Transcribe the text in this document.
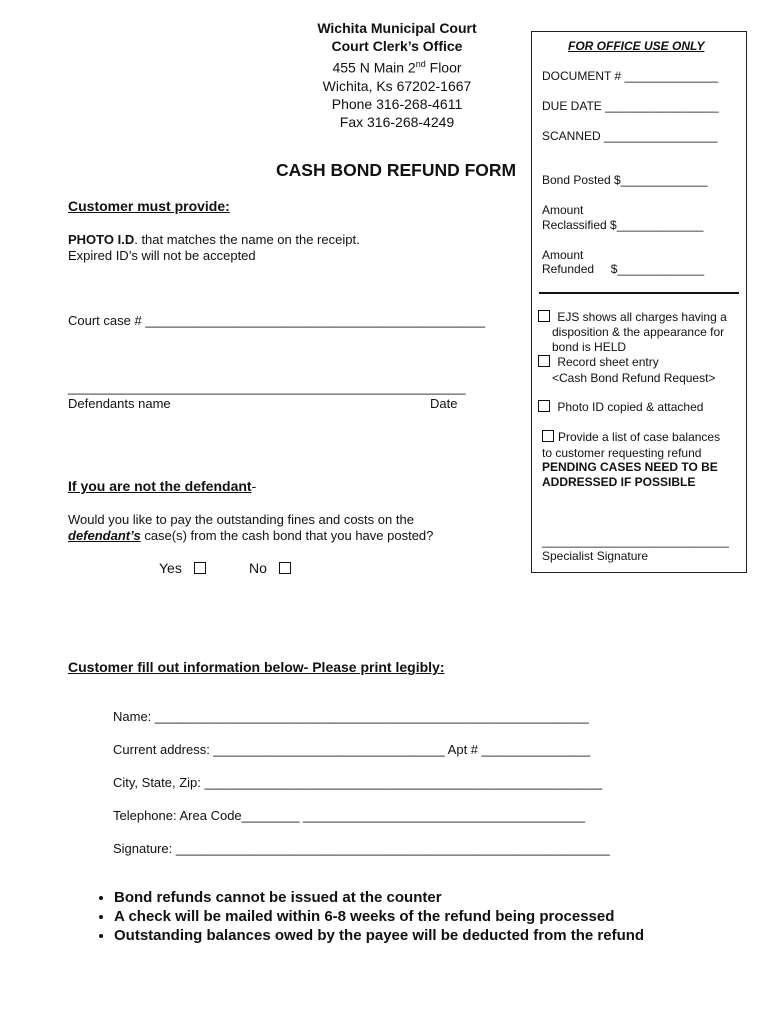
Wichita Municipal Court
Court Clerk’s Office
455 N Main 2nd Floor
Wichita, Ks 67202-1667
Phone 316-268-4611
Fax 316-268-4249
CASH BOND REFUND FORM
Customer must provide:
PHOTO I.D. that matches the name on the receipt.
Expired ID’s will not be accepted
Court case # _______________________________________________
_______________________________________________________
Defendants name	Date
If you are not the defendant-
Would you like to pay the outstanding fines and costs on the
defendant’s case(s) from the cash bond that you have posted?
Yes	No
FOR OFFICE USE ONLY
DOCUMENT # ______________
DUE DATE _________________
SCANNED _________________
Bond Posted $_____________
Amount
Reclassified $_____________
Amount
Refunded     $_____________
EJS shows all charges having a
disposition & the appearance for
bond is HELD
Record sheet entry
<Cash Bond Refund Request>
Photo ID copied & attached
Provide a list of case balances
to customer requesting refund
PENDING CASES NEED TO BE
ADDRESSED IF POSSIBLE
____________________________
Specialist Signature
Customer fill out information below- Please print legibly:
Name: ____________________________________________________________
Current address: ________________________________ Apt # _______________
City, State, Zip: _______________________________________________________
Telephone: Area Code________ _______________________________________
Signature: ____________________________________________________________
• Bond refunds cannot be issued at the counter
• A check will be mailed within 6-8 weeks of the refund being processed
• Outstanding balances owed by the payee will be deducted from the refund
